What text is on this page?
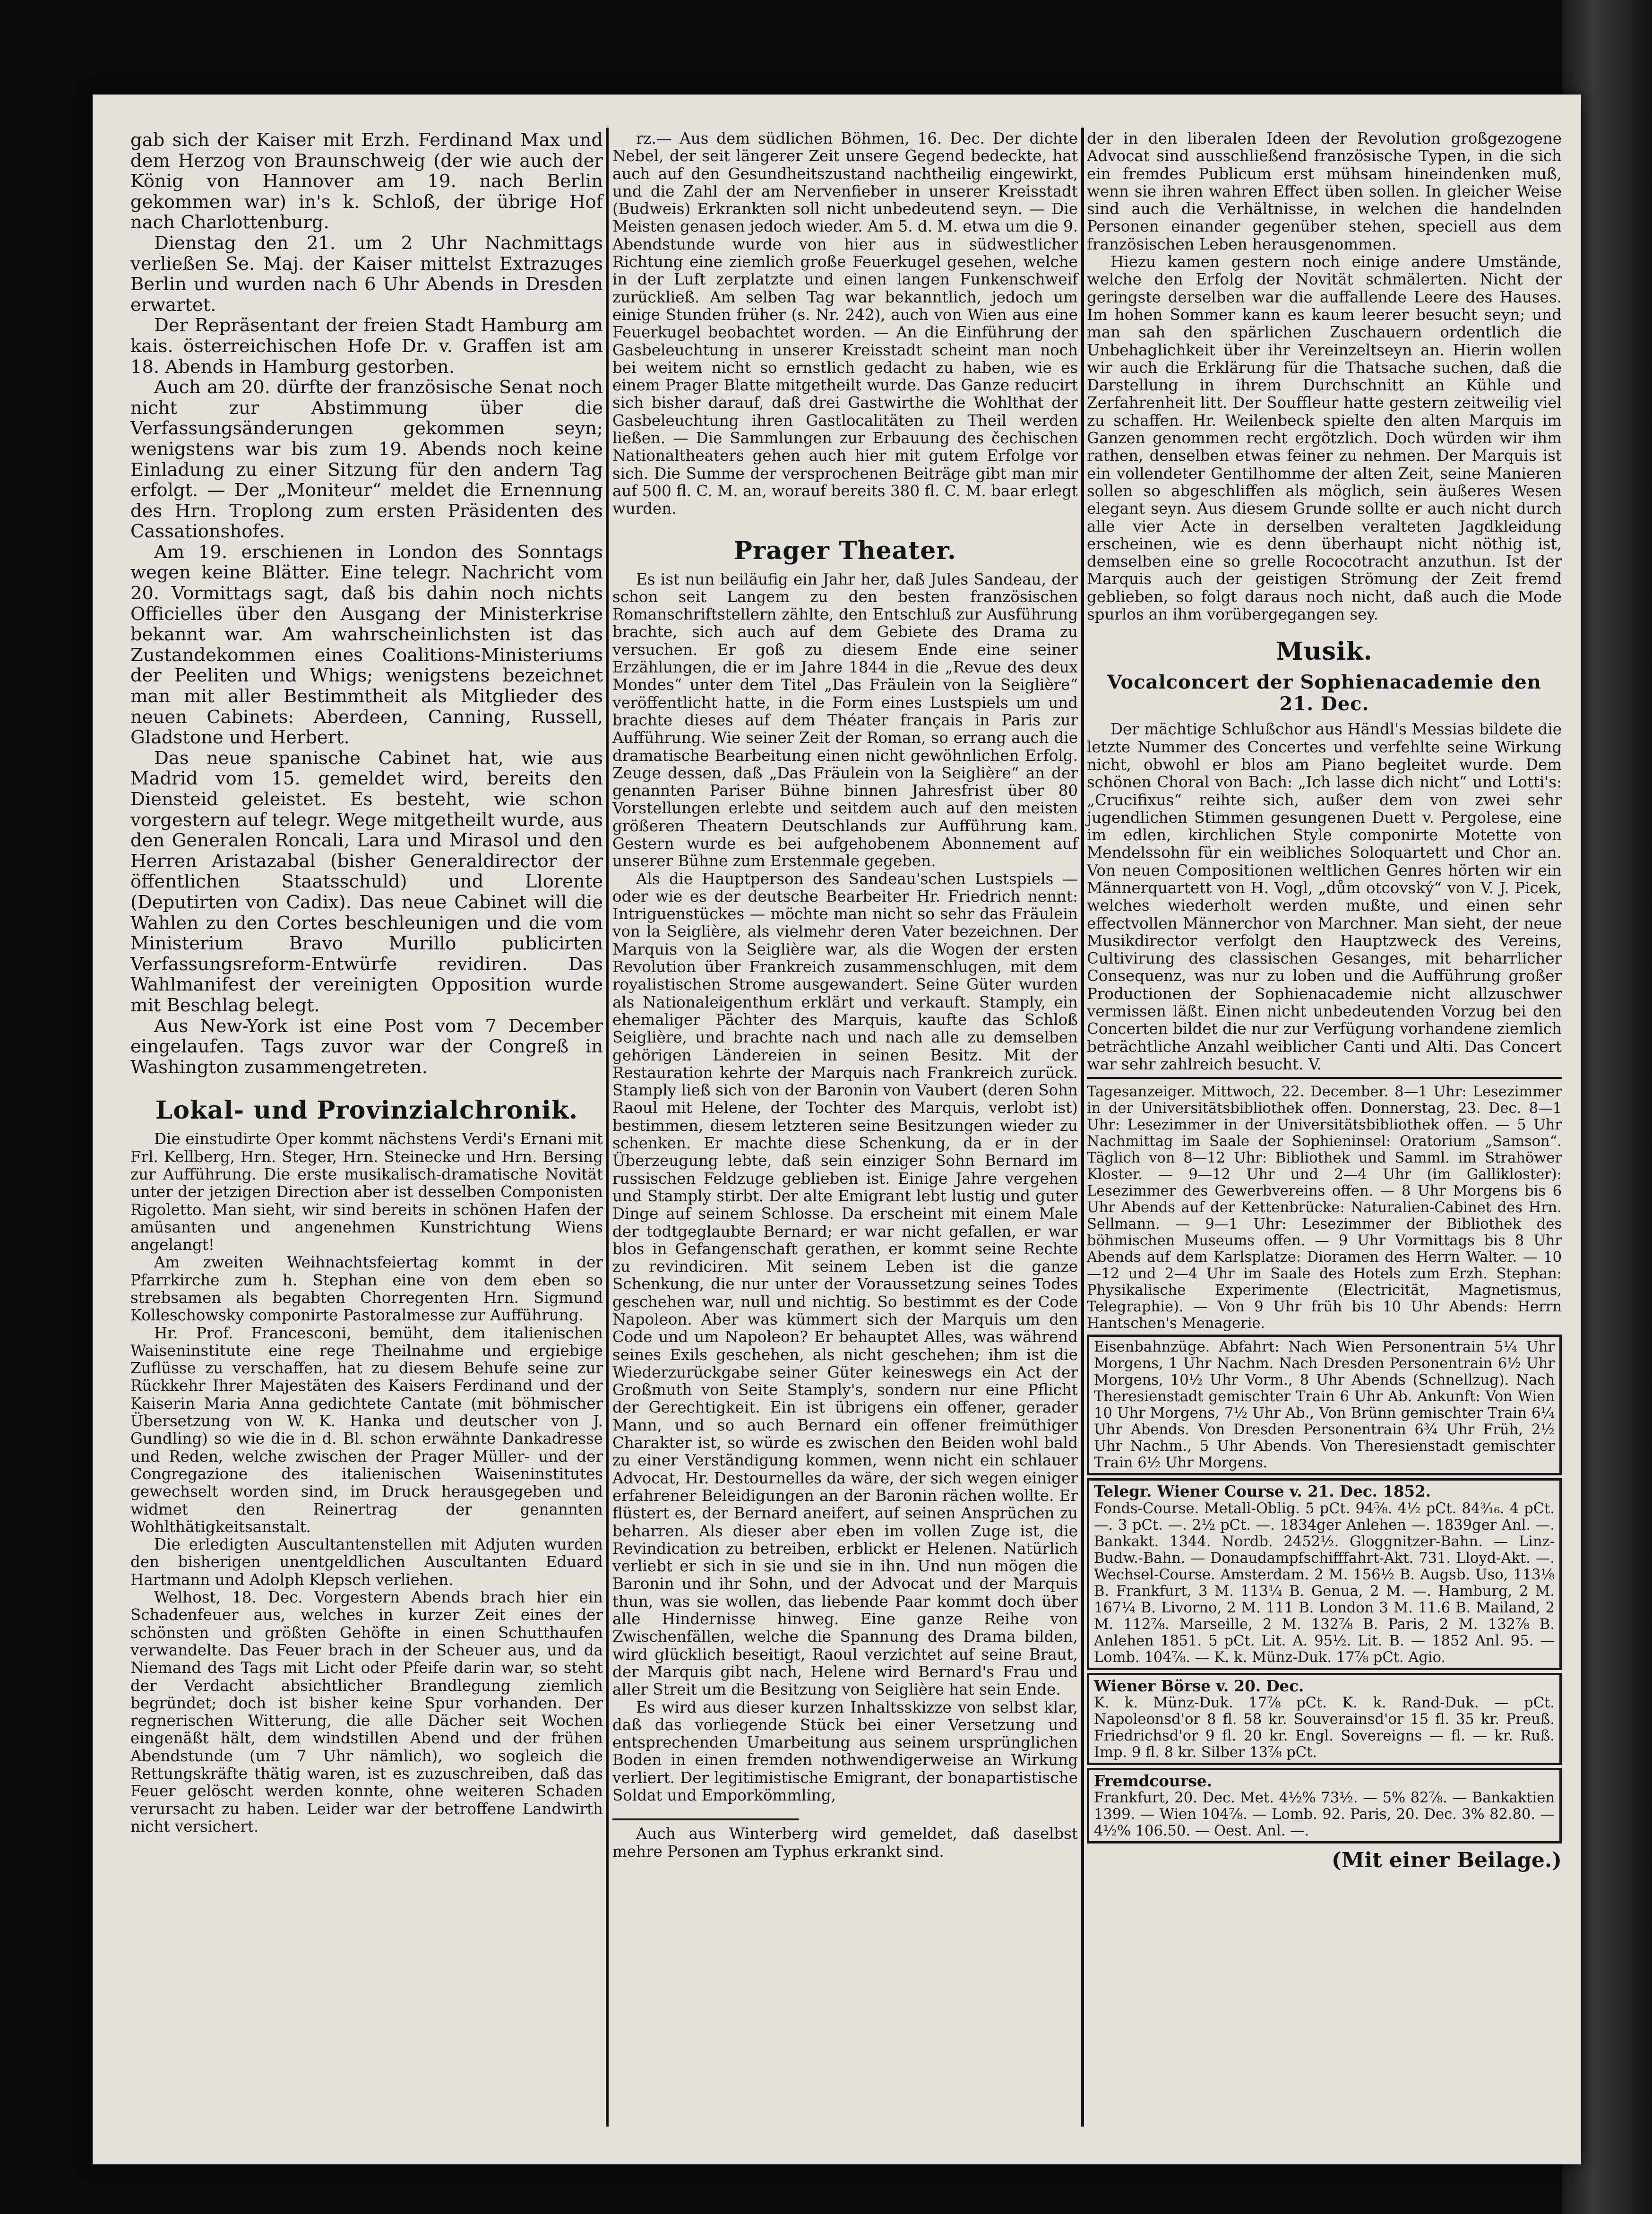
gab sich der Kaiser mit Erzh. Ferdinand Max und dem Herzog von Braunschweig (der wie auch der König von Hannover am 19. nach Berlin gekommen war) in's k. Schloß, der übrige Hof nach Charlottenburg.

Dienstag den 21. um 2 Uhr Nachmittags verließen Se. Maj. der Kaiser mittelst Extrazuges Berlin und wurden nach 6 Uhr Abends in Dresden erwartet.

Der Repräsentant der freien Stadt Hamburg am kais. österreichischen Hofe Dr. v. Graffen ist am 18. Abends in Hamburg gestorben.

Auch am 20. dürfte der französische Senat noch nicht zur Abstimmung über die Verfassungsänderungen gekommen seyn; wenigstens war bis zum 19. Abends noch keine Einladung zu einer Sitzung für den andern Tag erfolgt. — Der „Moniteur“ meldet die Ernennung des Hrn. Troplong zum ersten Präsidenten des Cassationshofes.

Am 19. erschienen in London des Sonntags wegen keine Blätter. Eine telegr. Nachricht vom 20. Vormittags sagt, daß bis dahin noch nichts Officielles über den Ausgang der Ministerkrise bekannt war. Am wahrscheinlichsten ist das Zustandekommen eines Coalitions-Ministeriums der Peeliten und Whigs; wenigstens bezeichnet man mit aller Bestimmtheit als Mitglieder des neuen Cabinets: Aberdeen, Canning, Russell, Gladstone und Herbert.

Das neue spanische Cabinet hat, wie aus Madrid vom 15. gemeldet wird, bereits den Diensteid geleistet. Es besteht, wie schon vorgestern auf telegr. Wege mitgetheilt wurde, aus den Generalen Roncali, Lara und Mirasol und den Herren Aristazabal (bisher Generaldirector der öffentlichen Staatsschuld) und Llorente (Deputirten von Cadix). Das neue Cabinet will die Wahlen zu den Cortes beschleunigen und die vom Ministerium Bravo Murillo publicirten Verfassungsreform-Entwürfe revidiren. Das Wahlmanifest der vereinigten Opposition wurde mit Beschlag belegt.

Aus New-York ist eine Post vom 7 December eingelaufen. Tags zuvor war der Congreß in Washington zusammengetreten.

Lokal- und Provinzialchronik.

Die einstudirte Oper kommt nächstens Verdi's Ernani mit Frl. Kellberg, Hrn. Steger, Hrn. Steinecke und Hrn. Bersing zur Aufführung. Die erste musikalisch-dramatische Novität unter der jetzigen Direction aber ist desselben Componisten Rigoletto. Man sieht, wir sind bereits in schönen Hafen der amüsanten und angenehmen Kunstrichtung Wiens angelangt!

Am zweiten Weihnachtsfeiertag kommt in der Pfarrkirche zum h. Stephan eine von dem eben so strebsamen als begabten Chorregenten Hrn. Sigmund Kolleschowsky componirte Pastoralmesse zur Aufführung.

Hr. Prof. Francesconi, bemüht, dem italienischen Waiseninstitute eine rege Theilnahme und ergiebige Zuflüsse zu verschaffen, hat zu diesem Behufe seine zur Rückkehr Ihrer Majestäten des Kaisers Ferdinand und der Kaiserin Maria Anna gedichtete Cantate (mit böhmischer Übersetzung von W. K. Hanka und deutscher von J. Gundling) so wie die in d. Bl. schon erwähnte Dankadresse und Reden, welche zwischen der Prager Müller- und der Congregazione des italienischen Waiseninstitutes gewechselt worden sind, im Druck herausgegeben und widmet den Reinertrag der genannten Wohlthätigkeitsanstalt.

Die erledigten Auscultantenstellen mit Adjuten wurden den bisherigen unentgeldlichen Auscultanten Eduard Hartmann und Adolph Klepsch verliehen.

Welhost, 18. Dec. Vorgestern Abends brach hier ein Schadenfeuer aus, welches in kurzer Zeit eines der schönsten und größten Gehöfte in einen Schutthaufen verwandelte. Das Feuer brach in der Scheuer aus, und da Niemand des Tags mit Licht oder Pfeife darin war, so steht der Verdacht absichtlicher Brandlegung ziemlich begründet; doch ist bisher keine Spur vorhanden. Der regnerischen Witterung, die alle Dächer seit Wochen eingenäßt hält, dem windstillen Abend und der frühen Abendstunde (um 7 Uhr nämlich), wo sogleich die Rettungskräfte thätig waren, ist es zuzuschreiben, daß das Feuer gelöscht werden konnte, ohne weiteren Schaden verursacht zu haben. Leider war der betroffene Landwirth nicht versichert.

rz.— Aus dem südlichen Böhmen, 16. Dec. Der dichte Nebel, der seit längerer Zeit unsere Gegend bedeckte, hat auch auf den Gesundheitszustand nachtheilig eingewirkt, und die Zahl der am Nervenfieber in unserer Kreisstadt (Budweis) Erkrankten soll nicht unbedeutend seyn. — Die Meisten genasen jedoch wieder. Am 5. d. M. etwa um die 9. Abendstunde wurde von hier aus in südwestlicher Richtung eine ziemlich große Feuerkugel gesehen, welche in der Luft zerplatzte und einen langen Funkenschweif zurückließ. Am selben Tag war bekanntlich, jedoch um einige Stunden früher (s. Nr. 242), auch von Wien aus eine Feuerkugel beobachtet worden. — An die Einführung der Gasbeleuchtung in unserer Kreisstadt scheint man noch bei weitem nicht so ernstlich gedacht zu haben, wie es einem Prager Blatte mitgetheilt wurde. Das Ganze reducirt sich bisher darauf, daß drei Gastwirthe die Wohlthat der Gasbeleuchtung ihren Gastlocalitäten zu Theil werden ließen. — Die Sammlungen zur Erbauung des čechischen Nationaltheaters gehen auch hier mit gutem Erfolge vor sich. Die Summe der versprochenen Beiträge gibt man mir auf 500 fl. C. M. an, worauf bereits 380 fl. C. M. baar erlegt wurden.

Prager Theater.

Es ist nun beiläufig ein Jahr her, daß Jules Sandeau, der schon seit Langem zu den besten französischen Romanschriftstellern zählte, den Entschluß zur Ausführung brachte, sich auch auf dem Gebiete des Drama zu versuchen. Er goß zu diesem Ende eine seiner Erzählungen, die er im Jahre 1844 in die „Revue des deux Mondes“ unter dem Titel „Das Fräulein von la Seiglière“ veröffentlicht hatte, in die Form eines Lustspiels um und brachte dieses auf dem Théater français in Paris zur Aufführung. Wie seiner Zeit der Roman, so errang auch die dramatische Bearbeitung einen nicht gewöhnlichen Erfolg. Zeuge dessen, daß „Das Fräulein von la Seiglière“ an der genannten Pariser Bühne binnen Jahresfrist über 80 Vorstellungen erlebte und seitdem auch auf den meisten größeren Theatern Deutschlands zur Aufführung kam. Gestern wurde es bei aufgehobenem Abonnement auf unserer Bühne zum Erstenmale gegeben.

Als die Hauptperson des Sandeau'schen Lustspiels — oder wie es der deutsche Bearbeiter Hr. Friedrich nennt: Intriguenstückes — möchte man nicht so sehr das Fräulein von la Seiglière, als vielmehr deren Vater bezeichnen. Der Marquis von la Seiglière war, als die Wogen der ersten Revolution über Frankreich zusammenschlugen, mit dem royalistischen Strome ausgewandert. Seine Güter wurden als Nationaleigenthum erklärt und verkauft. Stamply, ein ehemaliger Pächter des Marquis, kaufte das Schloß Seiglière, und brachte nach und nach alle zu demselben gehörigen Ländereien in seinen Besitz. Mit der Restauration kehrte der Marquis nach Frankreich zurück. Stamply ließ sich von der Baronin von Vaubert (deren Sohn Raoul mit Helene, der Tochter des Marquis, verlobt ist) bestimmen, diesem letzteren seine Besitzungen wieder zu schenken. Er machte diese Schenkung, da er in der Überzeugung lebte, daß sein einziger Sohn Bernard im russischen Feldzuge geblieben ist. Einige Jahre vergehen und Stamply stirbt. Der alte Emigrant lebt lustig und guter Dinge auf seinem Schlosse. Da erscheint mit einem Male der todtgeglaubte Bernard; er war nicht gefallen, er war blos in Gefangenschaft gerathen, er kommt seine Rechte zu revindiciren. Mit seinem Leben ist die ganze Schenkung, die nur unter der Voraussetzung seines Todes geschehen war, null und nichtig. So bestimmt es der Code Napoleon. Aber was kümmert sich der Marquis um den Code und um Napoleon? Er behauptet Alles, was während seines Exils geschehen, als nicht geschehen; ihm ist die Wiederzurückgabe seiner Güter keineswegs ein Act der Großmuth von Seite Stamply's, sondern nur eine Pflicht der Gerechtigkeit. Ein ist übrigens ein offener, gerader Mann, und so auch Bernard ein offener freimüthiger Charakter ist, so würde es zwischen den Beiden wohl bald zu einer Verständigung kommen, wenn nicht ein schlauer Advocat, Hr. Destournelles da wäre, der sich wegen einiger erfahrener Beleidigungen an der Baronin rächen wollte. Er flüstert es, der Bernard aneifert, auf seinen Ansprüchen zu beharren. Als dieser aber eben im vollen Zuge ist, die Revindication zu betreiben, erblickt er Helenen. Natürlich verliebt er sich in sie und sie in ihn. Und nun mögen die Baronin und ihr Sohn, und der Advocat und der Marquis thun, was sie wollen, das liebende Paar kommt doch über alle Hindernisse hinweg. Eine ganze Reihe von Zwischenfällen, welche die Spannung des Drama bilden, wird glücklich beseitigt, Raoul verzichtet auf seine Braut, der Marquis gibt nach, Helene wird Bernard's Frau und aller Streit um die Besitzung von Seiglière hat sein Ende.

Es wird aus dieser kurzen Inhaltsskizze von selbst klar, daß das vorliegende Stück bei einer Versetzung und entsprechenden Umarbeitung aus seinem ursprünglichen Boden in einen fremden nothwendigerweise an Wirkung verliert. Der legitimistische Emigrant, der bonapartistische Soldat und Emporkömmling,

Auch aus Winterberg wird gemeldet, daß daselbst mehre Personen am Typhus erkrankt sind.

der in den liberalen Ideen der Revolution großgezogene Advocat sind ausschließend französische Typen, in die sich ein fremdes Publicum erst mühsam hineindenken muß, wenn sie ihren wahren Effect üben sollen. In gleicher Weise sind auch die Verhältnisse, in welchen die handelnden Personen einander gegenüber stehen, speciell aus dem französischen Leben herausgenommen.

Hiezu kamen gestern noch einige andere Umstände, welche den Erfolg der Novität schmälerten. Nicht der geringste derselben war die auffallende Leere des Hauses. Im hohen Sommer kann es kaum leerer besucht seyn; und man sah den spärlichen Zuschauern ordentlich die Unbehaglichkeit über ihr Vereinzeltseyn an. Hierin wollen wir auch die Erklärung für die Thatsache suchen, daß die Darstellung in ihrem Durchschnitt an Kühle und Zerfahrenheit litt. Der Souffleur hatte gestern zeitweilig viel zu schaffen. Hr. Weilenbeck spielte den alten Marquis im Ganzen genommen recht ergötzlich. Doch würden wir ihm rathen, denselben etwas feiner zu nehmen. Der Marquis ist ein vollendeter Gentilhomme der alten Zeit, seine Manieren sollen so abgeschliffen als möglich, sein äußeres Wesen elegant seyn. Aus diesem Grunde sollte er auch nicht durch alle vier Acte in derselben veralteten Jagdkleidung erscheinen, wie es denn überhaupt nicht nöthig ist, demselben eine so grelle Rococotracht anzuthun. Ist der Marquis auch der geistigen Strömung der Zeit fremd geblieben, so folgt daraus noch nicht, daß auch die Mode spurlos an ihm vorübergegangen sey.

Musik.
Vocalconcert der Sophienacademie den 21. Dec.

Der mächtige Schlußchor aus Händl's Messias bildete die letzte Nummer des Concertes und verfehlte seine Wirkung nicht, obwohl er blos am Piano begleitet wurde. Dem schönen Choral von Bach: „Ich lasse dich nicht“ und Lotti's: „Crucifixus“ reihte sich, außer dem von zwei sehr jugendlichen Stimmen gesungenen Duett v. Pergolese, eine im edlen, kirchlichen Style componirte Motette von Mendelssohn für ein weibliches Soloquartett und Chor an. Von neuen Compositionen weltlichen Genres hörten wir ein Männerquartett von H. Vogl, „dům otcovský“ von V. J. Picek, welches wiederholt werden mußte, und einen sehr effectvollen Männerchor von Marchner. Man sieht, der neue Musikdirector verfolgt den Hauptzweck des Vereins, Cultivirung des classischen Gesanges, mit beharrlicher Consequenz, was nur zu loben und die Aufführung großer Productionen der Sophienacademie nicht allzuschwer vermissen läßt. Einen nicht unbedeutenden Vorzug bei den Concerten bildet die nur zur Verfügung vorhandene ziemlich beträchtliche Anzahl weiblicher Canti und Alti. Das Concert war sehr zahlreich besucht. V.

Tagesanzeiger. Mittwoch, 22. December. 8—1 Uhr: Lesezimmer in der Universitätsbibliothek offen. Donnerstag, 23. Dec. 8—1 Uhr: Lesezimmer in der Universitätsbibliothek offen. — 5 Uhr Nachmittag im Saale der Sophieninsel: Oratorium „Samson“. Täglich von 8—12 Uhr: Bibliothek und Samml. im Strahöwer Kloster. — 9—12 Uhr und 2—4 Uhr (im Gallikloster): Lesezimmer des Gewerbvereins offen. — 8 Uhr Morgens bis 6 Uhr Abends auf der Kettenbrücke: Naturalien-Cabinet des Hrn. Sellmann. — 9—1 Uhr: Lesezimmer der Bibliothek des böhmischen Museums offen. — 9 Uhr Vormittags bis 8 Uhr Abends auf dem Karlsplatze: Dioramen des Herrn Walter. — 10—12 und 2—4 Uhr im Saale des Hotels zum Erzh. Stephan: Physikalische Experimente (Electricität, Magnetismus, Telegraphie). — Von 9 Uhr früh bis 10 Uhr Abends: Herrn Hantschen's Menagerie.

Eisenbahnzüge. Abfahrt: Nach Wien Personentrain 5¼ Uhr Morgens, 1 Uhr Nachm. Nach Dresden Personentrain 6½ Uhr Morgens, 10½ Uhr Vorm., 8 Uhr Abends (Schnellzug). Nach Theresienstadt gemischter Train 6 Uhr Ab. Ankunft: Von Wien 10 Uhr Morgens, 7½ Uhr Ab., Von Brünn gemischter Train 6¼ Uhr Abends. Von Dresden Personentrain 6¾ Uhr Früh, 2½ Uhr Nachm., 5 Uhr Abends. Von Theresienstadt gemischter Train 6½ Uhr Morgens.

Telegr. Wiener Course v. 21. Dec. 1852.

Fonds-Course. Metall-Oblig. 5 pCt. 94⅝. 4½ pCt. 84³⁄₁₆. 4 pCt. —. 3 pCt. —. 2½ pCt. —. 1834ger Anlehen —. 1839ger Anl. —. Bankakt. 1344. Nordb. 2452½. Gloggnitzer-Bahn. — Linz-Budw.-Bahn. — Donaudampfschifffahrt-Akt. 731. Lloyd-Akt. —. Wechsel-Course. Amsterdam. 2 M. 156½ B. Augsb. Uso, 113⅛ B. Frankfurt, 3 M. 113¼ B. Genua, 2 M. —. Hamburg, 2 M. 167¼ B. Livorno, 2 M. 111 B. London 3 M. 11.6 B. Mailand, 2 M. 112⅞. Marseille, 2 M. 132⅞ B. Paris, 2 M. 132⅞ B. Anlehen 1851. 5 pCt. Lit. A. 95½. Lit. B. — 1852 Anl. 95. — Lomb. 104⅞. — K. k. Münz-Duk. 17⅞ pCt. Agio.

Wiener Börse v. 20. Dec.

K. k. Münz-Duk. 17⅞ pCt. K. k. Rand-Duk. — pCt. Napoleonsd'or 8 fl. 58 kr. Souverainsd'or 15 fl. 35 kr. Preuß. Friedrichsd'or 9 fl. 20 kr. Engl. Sovereigns — fl. — kr. Ruß. Imp. 9 fl. 8 kr. Silber 13⅞ pCt.

Fremdcourse.

Frankfurt, 20. Dec. Met. 4½% 73½. — 5% 82⅞. — Bankaktien 1399. — Wien 104⅞. — Lomb. 92. Paris, 20. Dec. 3% 82.80. — 4½% 106.50. — Oest. Anl. —.

(Mit einer Beilage.)
